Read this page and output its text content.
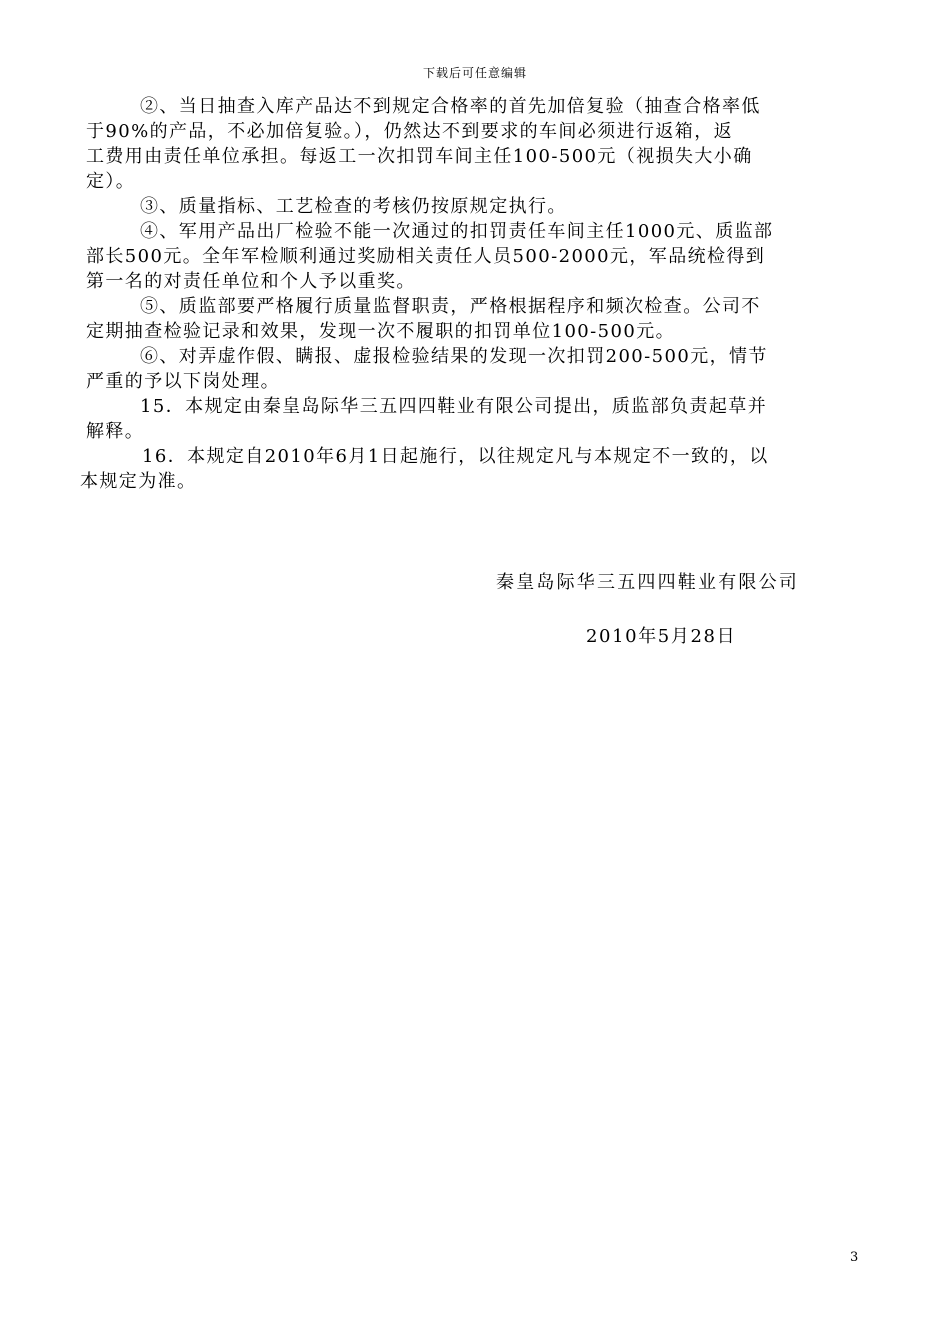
下载后可任意编辑

②、当日抽查入库产品达不到规定合格率的首先加倍复验（抽查合格率低
于90%的产品，不必加倍复验。），仍然达不到要求的车间必须进行返箱，返
工费用由责任单位承担。每返工一次扣罚车间主任100-500元（视损失大小确
定）。

③、质量指标、工艺检查的考核仍按原规定执行。

④、军用产品出厂检验不能一次通过的扣罚责任车间主任1000元、质监部
部长500元。全年军检顺利通过奖励相关责任人员500-2000元，军品统检得到
第一名的对责任单位和个人予以重奖。

⑤、质监部要严格履行质量监督职责，严格根据程序和频次检查。公司不
定期抽查检验记录和效果，发现一次不履职的扣罚单位100-500元。

⑥、对弄虚作假、瞒报、虚报检验结果的发现一次扣罚200-500元，情节
严重的予以下岗处理。

15．本规定由秦皇岛际华三五四四鞋业有限公司提出，质监部负责起草并
解释。

16．本规定自2010年6月1日起施行，以往规定凡与本规定不一致的，以
本规定为准。

秦皇岛际华三五四四鞋业有限公司
2010年5月28日
3
